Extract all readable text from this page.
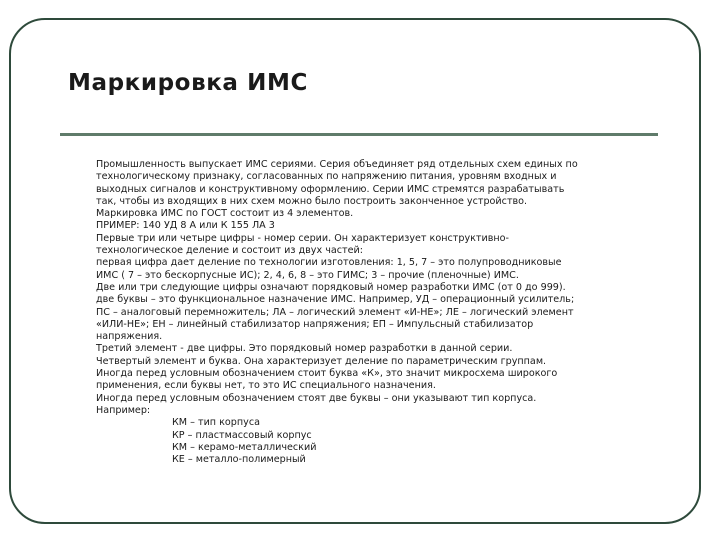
Маркировка ИМС
Промышленность выпускает ИМС сериями. Серия объединяет ряд отдельных схем единых по
технологическому признаку, согласованных по напряжению питания, уровням входных и
выходных сигналов и конструктивному оформлению. Серии ИМС стремятся разрабатывать
так, чтобы из входящих в них схем можно было построить законченное устройство.
Маркировка ИМС по ГОСТ состоит из 4 элементов.
ПРИМЕР: 140 УД 8 А или К 155 ЛА 3
Первые три или четыре цифры - номер серии. Он характеризует конструктивно-
технологическое деление и состоит из двух частей:
первая цифра дает деление по технологии изготовления: 1, 5, 7 – это полупроводниковые
ИМС ( 7 – это бескорпусные ИС); 2, 4, 6, 8 – это ГИМС; 3 – прочие (пленочные) ИМС.
Две или три следующие цифры означают порядковый номер разработки ИМС (от 0 до 999).
две буквы – это функциональное назначение ИМС. Например, УД – операционный усилитель;
ПС – аналоговый перемножитель; ЛА – логический элемент «И-НЕ»; ЛЕ – логический элемент
«ИЛИ-НЕ»; ЕН – линейный стабилизатор напряжения; ЕП – Импульсный стабилизатор
напряжения.
Третий элемент - две цифры. Это порядковый номер разработки в данной серии.
Четвертый элемент и буква. Она характеризует деление по параметрическим группам.
Иногда перед условным обозначением стоит буква «К», это значит микросхема широкого
применения, если буквы нет, то это ИС специального назначения.
Иногда перед условным обозначением стоят две буквы – они указывают тип корпуса.
Например:
КМ – тип корпуса
КР – пластмассовый корпус
КМ – керамо-металлический
КЕ – металло-полимерный
